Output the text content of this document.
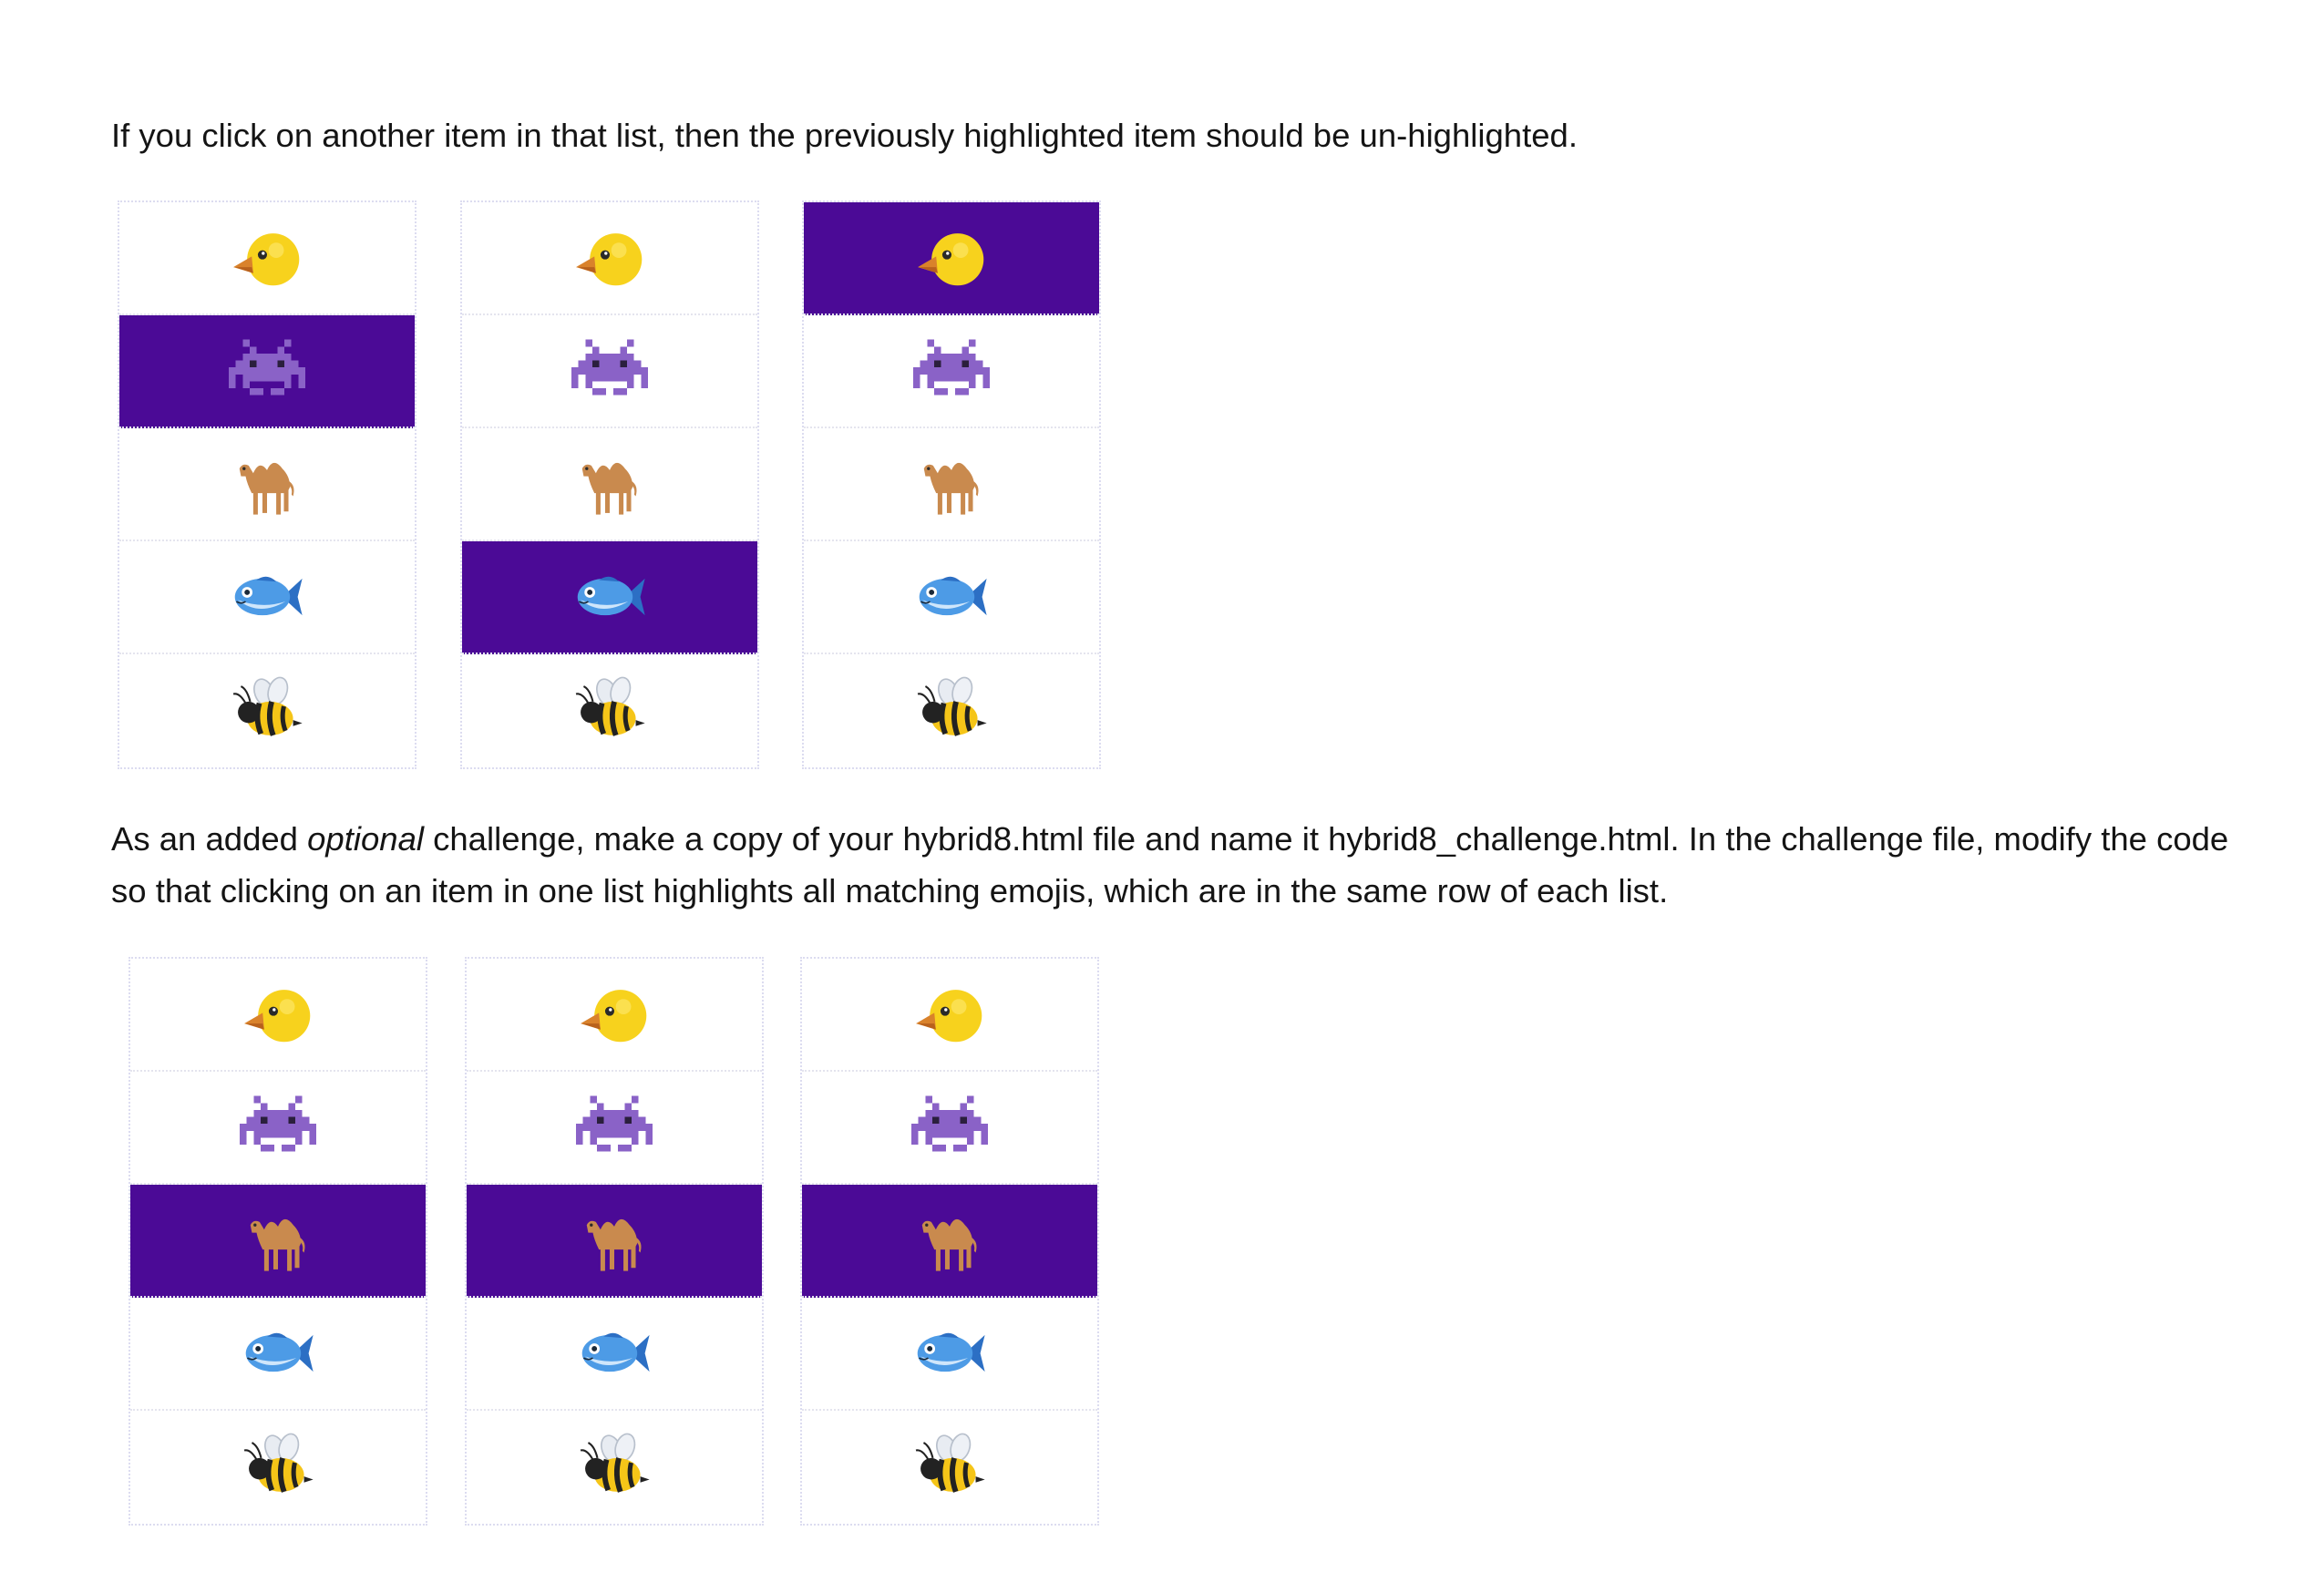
If you click on another item in that list, then the previously highlighted item should be un-highlighted.

As an added optional challenge, make a copy of your hybrid8.html file and name it hybrid8_challenge.html. In the challenge file, modify the code so that clicking on an item in one list highlights all matching emojis, which are in the same row of each list.
